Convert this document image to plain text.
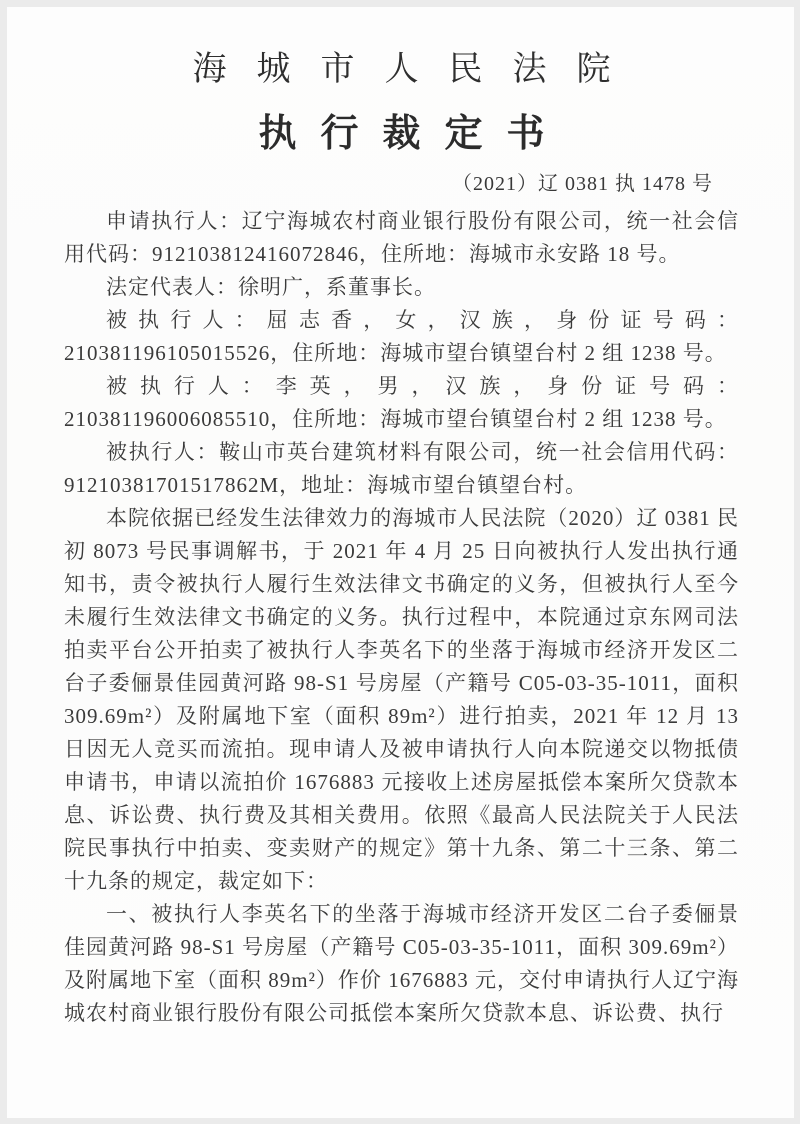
海城市人民法院
执行裁定书
（2021）辽 0381 执 1478 号

申请执行人：辽宁海城农村商业银行股份有限公司，统一社会信用代码：912103812416072846，住所地：海城市永安路 18 号。

法定代表人：徐明广，系董事长。

被执行人：屈志香，女，汉族，身份证号码：210381196105015526，住所地：海城市望台镇望台村 2 组 1238 号。

被执行人：李英，男，汉族，身份证号码：210381196006085510，住所地：海城市望台镇望台村 2 组 1238 号。

被执行人：鞍山市英台建筑材料有限公司，统一社会信用代码：91210381701517862M，地址：海城市望台镇望台村。

本院依据已经发生法律效力的海城市人民法院（2020）辽 0381 民初 8073 号民事调解书，于 2021 年 4 月 25 日向被执行人发出执行通知书，责令被执行人履行生效法律文书确定的义务，但被执行人至今未履行生效法律文书确定的义务。执行过程中，本院通过京东网司法拍卖平台公开拍卖了被执行人李英名下的坐落于海城市经济开发区二台子委俪景佳园黄河路 98-S1 号房屋（产籍号 C05-03-35-1011，面积 309.69m²）及附属地下室（面积 89m²）进行拍卖，2021 年 12 月 13 日因无人竞买而流拍。现申请人及被申请执行人向本院递交以物抵债申请书，申请以流拍价 1676883 元接收上述房屋抵偿本案所欠贷款本息、诉讼费、执行费及其相关费用。依照《最高人民法院关于人民法院民事执行中拍卖、变卖财产的规定》第十九条、第二十三条、第二十九条的规定，裁定如下：

一、被执行人李英名下的坐落于海城市经济开发区二台子委俪景佳园黄河路 98-S1 号房屋（产籍号 C05-03-35-1011，面积 309.69m²）及附属地下室（面积 89m²）作价 1676883 元，交付申请执行人辽宁海城农村商业银行股份有限公司抵偿本案所欠贷款本息、诉讼费、执行
